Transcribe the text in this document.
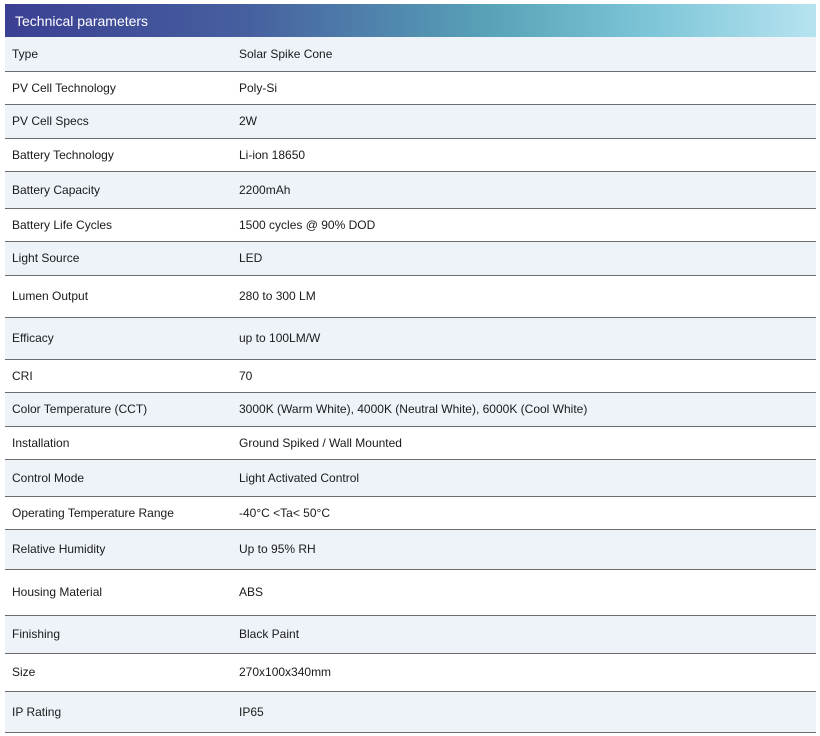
Technical parameters
Type	Solar Spike Cone
PV Cell Technology	Poly-Si
PV Cell Specs	2W
Battery Technology	Li-ion 18650
Battery Capacity	2200mAh
Battery Life Cycles	1500 cycles @ 90% DOD
Light Source	LED
Lumen Output	280 to 300 LM
Efficacy	up to 100LM/W
CRI	70
Color Temperature (CCT)	3000K (Warm White), 4000K (Neutral White), 6000K (Cool White)
Installation	Ground Spiked / Wall Mounted
Control Mode	Light Activated Control
Operating Temperature Range	-40°C <Ta< 50°C
Relative Humidity	Up to 95% RH
Housing Material	ABS
Finishing	Black Paint
Size	270x100x340mm
IP Rating	IP65
